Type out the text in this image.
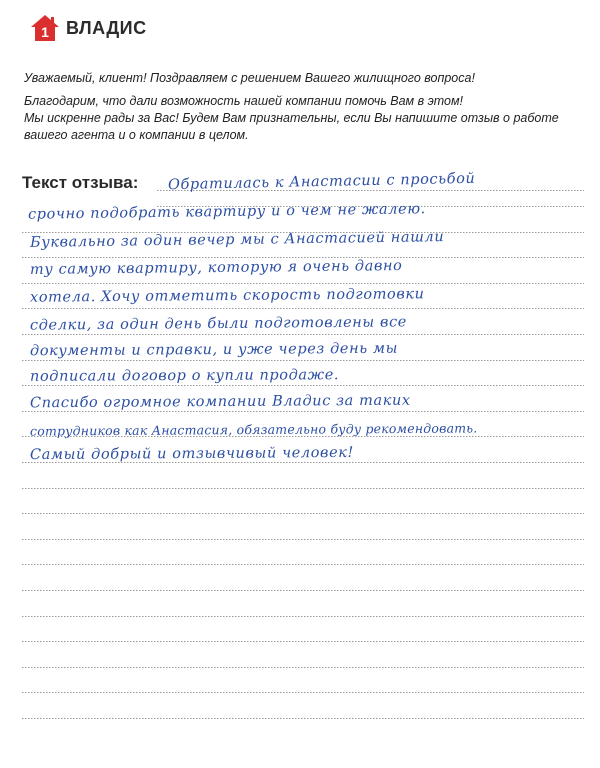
1 ВЛАДИС

Уважаемый, клиент! Поздравляем с решением Вашего жилищного вопроса!

Благодарим, что дали возможность нашей компании помочь Вам в этом!

Мы искренне рады за Вас! Будем Вам признательны, если Вы напишите отзыв о работе

вашего агента и о компании в целом.

Текст отзыва: Обратилась к Анастасии с просьбой
срочно подобрать квартиру и о чем не жалею.
Буквально за один вечер мы с Анастасией нашли
ту самую квартиру, которую я очень давно
хотела. Хочу отметить скорость подготовки
сделки, за один день были подготовлены все
документы и справки, и уже через день мы
подписали договор о купли продаже.
Спасибо огромное компании Владис за таких
сотрудников как Анастасия, обязательно буду рекомендовать.
Самый добрый и отзывчивый человек!
